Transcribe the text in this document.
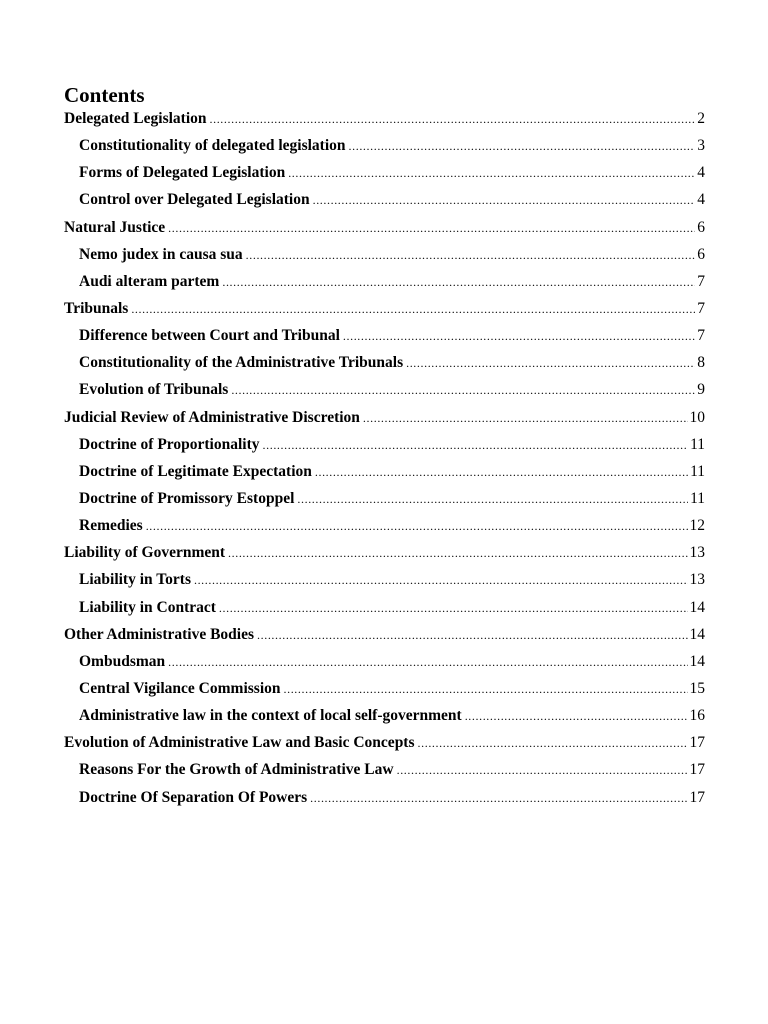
Contents
Delegated Legislation .....	2
Constitutionality of delegated legislation .....	3
Forms of Delegated Legislation .....	4
Control over Delegated Legislation .....	4
Natural Justice .....	6
Nemo judex in causa sua .....	6
Audi alteram partem .....	7
Tribunals .....	7
Difference between Court and Tribunal .....	7
Constitutionality of the Administrative Tribunals .....	8
Evolution of Tribunals .....	9
Judicial Review of Administrative Discretion .....	10
Doctrine of Proportionality .....	11
Doctrine of Legitimate Expectation .....	11
Doctrine of Promissory Estoppel .....	11
Remedies .....	12
Liability of Government .....	13
Liability in Torts .....	13
Liability in Contract .....	14
Other Administrative Bodies .....	14
Ombudsman .....	14
Central Vigilance Commission .....	15
Administrative law in the context of local self-government .....	16
Evolution of Administrative Law and Basic Concepts .....	17
Reasons For the Growth of Administrative Law .....	17
Doctrine Of Separation Of Powers .....	17
